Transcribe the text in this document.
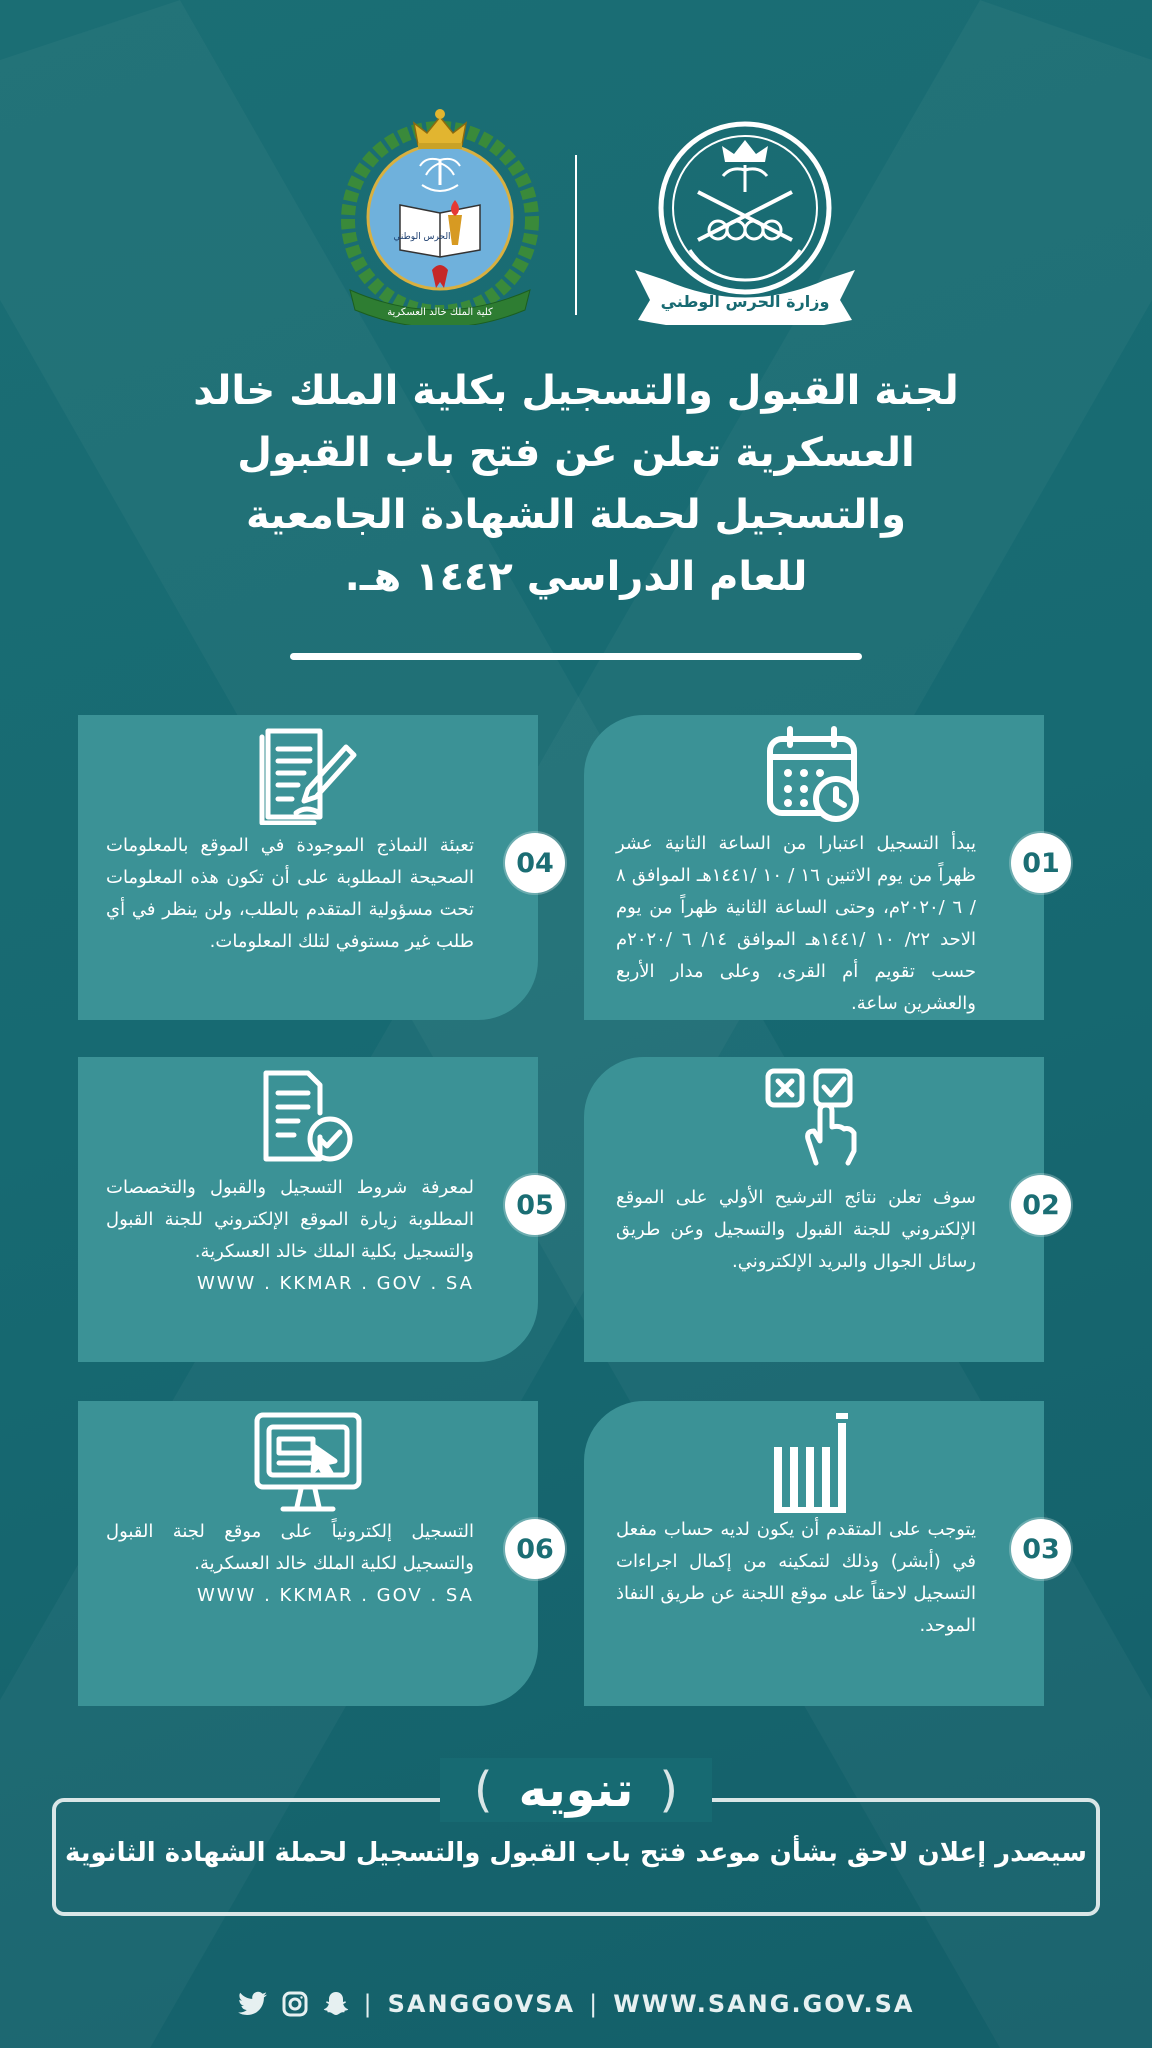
الحرس الوطني
كلية الملك خالد العسكرية
وزارة الحرس الوطني
لجنة القبول والتسجيل بكلية الملك خالد
العسكرية تعلن عن فتح باب القبول
والتسجيل لحملة الشهادة الجامعية
للعام الدراسي ١٤٤٢ هـ.
يبدأ التسجيل اعتبارا من الساعة الثانية عشر ظهراً من يوم الاثنين ١٦ / ١٠ /١٤٤١هـ الموافق ٨ / ٦ /٢٠٢٠م، وحتى الساعة الثانية ظهراً من يوم الاحد ٢٢/ ١٠ /١٤٤١هـ الموافق ١٤/ ٦ /٢٠٢٠م حسب تقويم أم القرى، وعلى مدار الأربع والعشرين ساعة.
01
تعبئة النماذج الموجودة في الموقع بالمعلومات الصحيحة المطلوبة على أن تكون هذه المعلومات تحت مسؤولية المتقدم بالطلب، ولن ينظر في أي طلب غير مستوفي لتلك المعلومات.
04
سوف تعلن نتائج الترشيح الأولي على الموقع الإلكتروني للجنة القبول والتسجيل وعن طريق رسائل الجوال والبريد الإلكتروني.
02
لمعرفة شروط التسجيل والقبول والتخصصات المطلوبة زيارة الموقع الإلكتروني للجنة القبول والتسجيل بكلية الملك خالد العسكرية.
WWW . KKMAR . GOV . SA
05
يتوجب على المتقدم أن يكون لديه حساب مفعل في (أبشر) وذلك لتمكينه من إكمال اجراءات التسجيل لاحقاً على موقع اللجنة عن طريق النفاذ الموحد.
03
التسجيل إلكترونياً على موقع لجنة القبول والتسجيل لكلية الملك خالد العسكرية.
WWW . KKMAR . GOV . SA
06
(
تنويه
)
سيصدر إعلان لاحق بشأن موعد فتح باب القبول والتسجيل لحملة الشهادة الثانوية
| SANGGOVSA | WWW.SANG.GOV.SA
